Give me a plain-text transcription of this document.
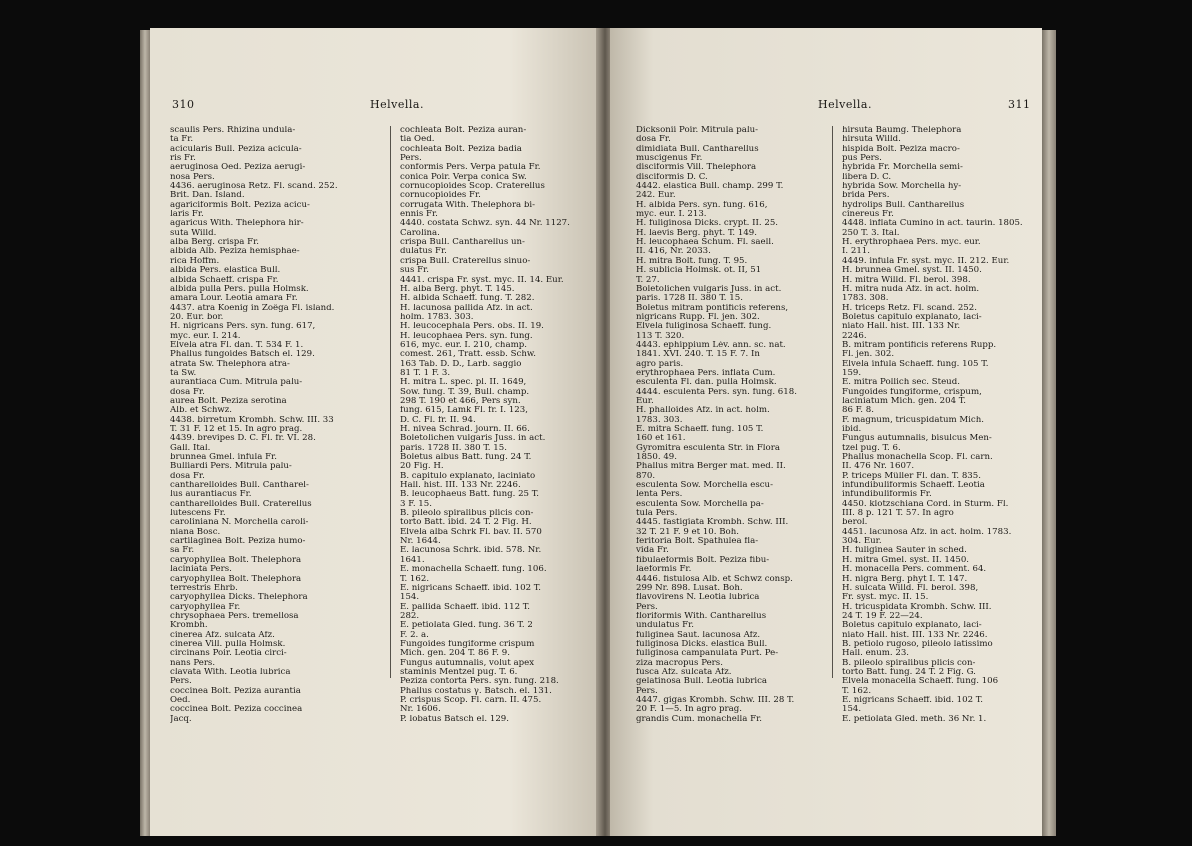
310	Helvella.
scaulis Pers. Rhizina undula-
ta Fr.
acicularis Bull. Peziza acicula-
ris Fr.
aeruginosa Oed. Peziza aerugi-
nosa Pers.
4436. aeruginosa Retz. Fl. scand. 252.
Brit. Dan. Island.
agariciformis Bolt. Peziza acicu-
laris Fr.
agaricus With. Thelephora hir-
suta Willd.
alba Berg. crispa Fr.
albida Alb. Peziza hemisphae-
rica Hoffm.
albida Pers. elastica Bull.
albida Schaeff. crispa Fr.
albida pulla Pers. pulla Holmsk.
amara Lour. Leotia amara Fr.
4437. atra Koenig in Zoëga Fl. island.
20. Eur. bor.
H. nigricans Pers. syn. fung. 617,
myc. eur. I. 214.
Elvela atra Fl. dan. T. 534 F. 1.
Phallus fungoides Batsch el. 129.
atrata Sw. Thelephora atra-
ta Sw.
aurantiaca Cum. Mitrula palu-
dosa Fr.
aurea Bolt. Peziza serotina
Alb. et Schwz.
4438. birretum Krombh. Schw. III. 33
T. 31 F. 12 et 15. In agro prag.
4439. brevipes D. C. Fl. fr. VI. 28.
Gall. Ital.
brunnea Gmel. infula Fr.
Bulliardi Pers. Mitrula palu-
dosa Fr.
cantharelloides Bull. Cantharel-
lus aurantiacus Fr.
cantharelloides Bull. Craterellus
lutescens Fr.
caroliniana N. Morchella caroli-
niana Bosc.
cartilaginea Bolt. Peziza humo-
sa Fr.
caryophyllea Bolt. Thelephora
laciniata Pers.
caryophyllea Bolt. Thelephora
terrestris Ehrb.
caryophyllea Dicks. Thelephora
caryophyllea Fr.
chrysophaea Pers. tremellosa
Krombh.
cinerea Afz. sulcata Afz.
cinerea Vill. pulla Holmsk.
circinans Poir. Leotia circi-
nans Pers.
clavata With. Leotia lubrica
Pers.
coccinea Bolt. Peziza aurantia
Oed.
coccinea Bolt. Peziza coccinea
Jacq.
cochleata Bolt. Peziza auran-
tia Oed.
cochleata Bolt. Peziza badia
Pers.
conformis Pers. Verpa patula Fr.
conica Poir. Verpa conica Sw.
cornucopioides Scop. Craterellus
cornucopioides Fr.
corrugata With. Thelephora bi-
ennis Fr.
4440. costata Schwz. syn. 44 Nr. 1127.
Carolina.
crispa Bull. Cantharellus un-
dulatus Fr.
crispa Bull. Craterellus sinuo-
sus Fr.
4441. crispa Fr. syst. myc. II. 14. Eur.
H. alba Berg. phyt. T. 145.
H. albida Schaeff. fung. T. 282.
H. lacunosa pallida Afz. in act.
holm. 1783. 303.
H. leucocephala Pers. obs. II. 19.
H. leucophaea Pers. syn. fung.
616, myc. eur. I. 210, champ.
comest. 261, Tratt. essb. Schw.
163 Tab. D. D., Larb. saggio
81 T. 1 F. 3.
H. mitra L. spec. pl. II. 1649,
Sow. fung. T. 39, Bull. champ.
298 T. 190 et 466, Pers syn.
fung. 615, Lamk Fl. fr. I. 123,
D. C. Fl. fr. II. 94.
H. nivea Schrad. journ. II. 66.
Boletolichen vulgaris Juss. in act.
paris. 1728 II. 380 T. 15.
Boletus albus Batt. fung. 24 T.
20 Fig. H.
B. capitulo explanato, laciniato
Hall. hist. III. 133 Nr. 2246.
B. leucophaeus Batt. fung. 25 T.
3 F. 15.
B. pileolo spiralibus plicis con-
torto Batt. ibid. 24 T. 2 Fig. H.
Elvela alba Schrk Fl. bav. II. 570
Nr. 1644.
E. lacunosa Schrk. ibid. 578. Nr.
1641.
E. monachella Schaeff. fung. 106.
T. 162.
E. nigricans Schaeff. ibid. 102 T.
154.
E. pallida Schaeff. ibid. 112 T.
282.
E. petiolata Gled. fung. 36 T. 2
F. 2. a.
Fungoides fungiforme crispum
Mich. gen. 204 T. 86 F. 9.
Fungus autumnalis, volut apex
staminis Mentzel pug. T. 6.
Peziza contorta Pers. syn. fung. 218.
Phallus costatus γ. Batsch. el. 131.
P. crispus Scop. Fl. carn. II. 475.
Nr. 1606.
P. lobatus Batsch el. 129.
Helvella.	311
Dicksonii Poir. Mitrula palu-
dosa Fr.
dimidiata Bull. Cantharellus
muscigenus Fr.
disciformis Vill. Thelephora
disciformis D. C.
4442. elastica Bull. champ. 299 T.
242. Eur.
H. albida Pers. syn. fung. 616,
myc. eur. I. 213.
H. fuliginosa Dicks. crypt. II. 25.
H. laevis Berg. phyt. T. 149.
H. leucophaea Schum. Fl. saell.
II. 416, Nr. 2033.
H. mitra Bolt. fung. T. 95.
H. sublicia Holmsk. ot. II, 51
T. 27.
Boletolichen vulgaris Juss. in act.
paris. 1728 II. 380 T. 15.
Boletus mitram pontificis referens,
nigricans Rupp. Fl. jen. 302.
Elvela fuliginosa Schaeff. fung.
113 T. 320.
4443. ephippium Lév. ann. sc. nat.
1841. XVI. 240. T. 15 F. 7. In
agro paris.
erythrophaea Pers. inflata Cum.
esculenta Fl. dan. pulla Holmsk.
4444. esculenta Pers. syn. fung. 618.
Eur.
H. phalloides Afz. in act. holm.
1783. 303.
E. mitra Schaeff. fung. 105 T.
160 et 161.
Gyromitra esculenta Str. in Flora
1850. 49.
Phallus mitra Berger mat. med. II.
870.
esculenta Sow. Morchella escu-
lenta Pers.
esculenta Sow. Morchella pa-
tula Pers.
4445. fastigiata Krombh. Schw. III.
32 T. 21 F. 9 et 10. Boh.
feritoria Bolt. Spathulea fla-
vida Fr.
fibulaeformis Bolt. Peziza fibu-
laeformis Fr.
4446. fistulosa Alb. et Schwz consp.
299 Nr. 898. Lusat. Boh.
flavovirens N. Leotia lubrica
Pers.
floriformis With. Cantharellus
undulatus Fr.
fuliginea Saut. lacunosa Afz.
fuliginosa Dicks. elastica Bull.
fuliginosa campanulata Purt. Pe-
ziza macropus Pers.
fusca Afz. sulcata Afz.
gelatinosa Bull. Leotia lubrica
Pers.
4447. gigas Krombh. Schw. III. 28 T.
20 F. 1—5. In agro prag.
grandis Cum. monachella Fr.
hirsuta Baumg. Thelephora
hirsuta Willd.
hispida Bolt. Peziza macro-
pus Pers.
hybrida Fr. Morchella semi-
libera D. C.
hybrida Sow. Morchella hy-
brida Pers.
hydrolips Bull. Cantharellus
cinereus Fr.
4448. inflata Cumino in act. taurin. 1805.
250 T. 3. Ital.
H. erythrophaea Pers. myc. eur.
I. 211.
4449. infula Fr. syst. myc. II. 212. Eur.
H. brunnea Gmel. syst. II. 1450.
H. mitra Willd. Fl. berol. 398.
H. mitra nuda Afz. in act. holm.
1783. 308.
H. triceps Retz. Fl. scand. 252.
Boletus capitulo explanato, laci-
niato Hall. hist. III. 133 Nr.
2246.
B. mitram pontificis referens Rupp.
Fl. jen. 302.
Elvela infula Schaeff. fung. 105 T.
159.
E. mitra Pollich sec. Steud.
Fungoides fungiforme, crispum,
laciniatum Mich. gen. 204 T.
86 F. 8.
F. magnum, tricuspidatum Mich.
ibid.
Fungus autumnalis, bisulcus Men-
tzel pug. T. 6.
Phallus monachella Scop. Fl. carn.
II. 476 Nr. 1607.
P. triceps Müller Fl. dan. T. 835.
infundibuliformis Schaeff. Leotia
infundibuliformis Fr.
4450. klotzschiana Cord. in Sturm. Fl.
III. 8 p. 121 T. 57. In agro
berol.
4451. lacunosa Afz. in act. holm. 1783.
304. Eur.
H. fuliginea Sauter in sched.
H. mitra Gmel. syst. II. 1450.
H. monacella Pers. comment. 64.
H. nigra Berg. phyt I. T. 147.
H. sulcata Willd. Fl. berol. 398,
Fr. syst. myc. II. 15.
H. tricuspidata Krombh. Schw. III.
24 T. 19 F. 22—24.
Boletus capitulo explanato, laci-
niato Hall. hist. III. 133 Nr. 2246.
B. petiolo rugoso, pileolo latissimo
Hall. enum. 23.
B. pileolo spiralibus plicis con-
torto Batt. fung. 24 T. 2 Fig. G.
Elvela monacella Schaeff. fung. 106
T. 162.
E. nigricans Schaeff. ibid. 102 T.
154.
E. petiolata Gled. meth. 36 Nr. 1.
